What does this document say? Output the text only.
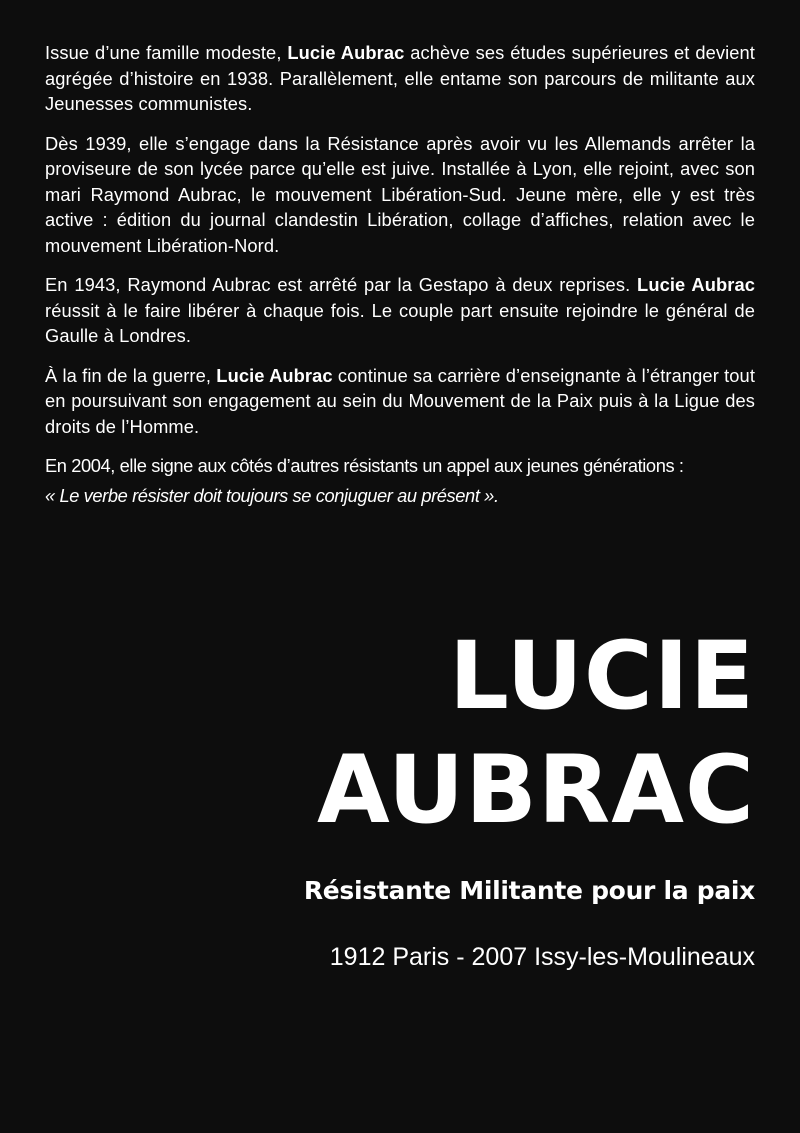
Issue d’une famille modeste, Lucie Aubrac achève ses études supérieures et devient agrégée d’histoire en 1938. Parallèlement, elle entame son parcours de militante aux Jeunesses communistes.

Dès 1939, elle s’engage dans la Résistance après avoir vu les Allemands arrêter la proviseure de son lycée parce qu’elle est juive. Installée à Lyon, elle rejoint, avec son mari Raymond Aubrac, le mouvement Libération-Sud. Jeune mère, elle y est très active : édition du journal clandestin Libération, collage d’affiches, relation avec le mouvement Libération-Nord.

En 1943, Raymond Aubrac est arrêté par la Gestapo à deux reprises. Lucie Aubrac réussit à le faire libérer à chaque fois. Le couple part ensuite rejoindre le général de Gaulle à Londres.

À la fin de la guerre, Lucie Aubrac continue sa carrière d’enseignante à l’étranger tout en poursuivant son engagement au sein du Mouvement de la Paix puis à la Ligue des droits de l’Homme.

En 2004, elle signe aux côtés d’autres résistants un appel aux jeunes générations :
« Le verbe résister doit toujours se conjuguer au présent ».

LUCIE
AUBRAC
Résistante Militante pour la paix
1912 Paris - 2007 Issy-les-Moulineaux
